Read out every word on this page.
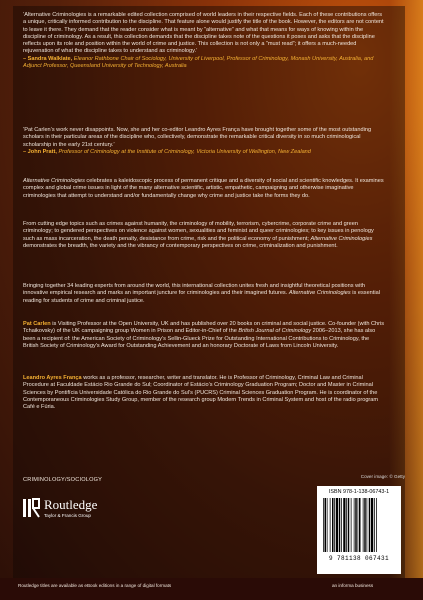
‘Alternative Criminologies is a remarkable edited collection comprised of world leaders in their respective fields. Each of these contributions offers a unique, critically informed contribution to the discipline. That feature alone would justify the title of the book. However, the editors are not content to leave it there. They demand that the reader consider what is meant by “alternative” and what that means for ways of knowing within the discipline of criminology. As a result, this collection demands that the discipline takes note of the questions it poses and asks that the discipline reflects upon its role and position within the world of crime and justice. This collection is not only a “must read”; it offers a much-needed rejuvenation of what the discipline takes to understand as criminology.’

– Sandra Walklate, Eleanor Rathbone Chair of Sociology, University of Liverpool, Professor of Criminology, Monash University, Australia, and Adjunct Professor, Queensland University of Technology, Australia

‘Pat Carlen’s work never disappoints. Now, she and her co-editor Leandro Ayres França have brought together some of the most outstanding scholars in their particular areas of the discipline who, collectively, demonstrate the remarkable critical diversity in so much criminological scholarship in the early 21st century.’

– John Pratt, Professor of Criminology at the Institute of Criminology, Victoria University of Wellington, New Zealand

Alternative Criminologies celebrates a kaleidoscopic process of permanent critique and a diversity of social and scientific knowledges. It examines complex and global crime issues in light of the many alternative scientific, artistic, empathetic, campaigning and otherwise imaginative criminologies that attempt to understand and/or fundamentally change why crime and justice take the forms they do.

From cutting edge topics such as crimes against humanity, the criminology of mobility, terrorism, cybercrime, corporate crime and green criminology; to gendered perspectives on violence against women, sexualities and feminist and queer criminologies; to key issues in penology such as mass incarceration, the death penalty, desistance from crime, risk and the political economy of punishment; Alternative Criminologies demonstrates the breadth, the variety and the vibrancy of contemporary perspectives on crime, criminalization and punishment.

Bringing together 34 leading experts from around the world, this international collection unites fresh and insightful theoretical positions with innovative empirical research and marks an important juncture for criminologies and their imagined futures. Alternative Criminologies is essential reading for students of crime and criminal justice.

Pat Carlen is Visiting Professor at the Open University, UK and has published over 20 books on criminal and social justice. Co-founder (with Chris Tchaikovsky) of the UK campaigning group Women in Prison and Editor-in-Chief of the British Journal of Criminology 2006–2013, she has also been a recipient of: the American Society of Criminology’s Sellin-Glueck Prize for Outstanding International Contributions to Criminology, the British Society of Criminology’s Award for Outstanding Achievement and an honorary Doctorate of Laws from Lincoln University.

Leandro Ayres França works as a professor, researcher, writer and translator. He is Professor of Criminology, Criminal Law and Criminal Procedure at Faculdade Estácio Rio Grande do Sul; Coordinator of Estácio’s Criminology Graduation Program; Doctor and Master in Criminal Sciences by Pontifícia Universidade Católica do Rio Grande do Sul’s (PUCRS) Criminal Sciences Graduation Program. He is coordinator of the Contemporaneous Criminologies Study Group, member of the research group Modern Trends in Criminal System and host of the radio program Café e Fúria.

CRIMINOLOGY/SOCIOLOGY
Cover image: © Getty
Routledge
Taylor & Francis Group
ISBN 978-1-138-06743-1
9 781138 067431
Routledge titles are available as eBook editions in a range of digital formats	an informa business
